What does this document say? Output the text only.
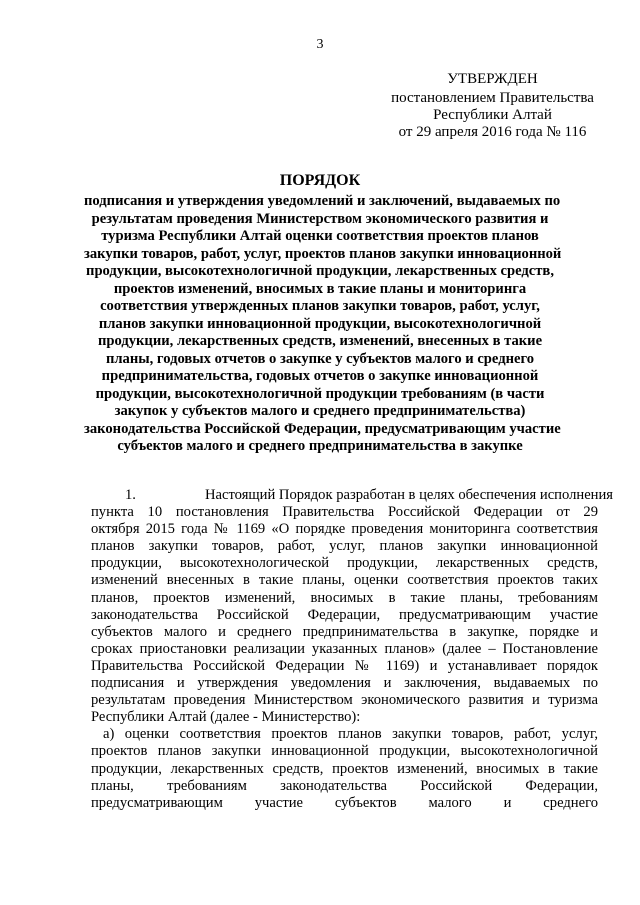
3
УТВЕРЖДЕН
постановлением Правительства
Республики Алтай
от 29 апреля 2016 года № 116
ПОРЯДОК
подписания и утверждения уведомлений и заключений, выдаваемых по
результатам проведения Министерством экономического развития и
туризма Республики Алтай оценки соответствия проектов планов
закупки товаров, работ, услуг, проектов планов закупки инновационной
продукции, высокотехнологичной продукции, лекарственных средств,
проектов изменений, вносимых в такие планы и мониторинга
соответствия утвержденных планов закупки товаров, работ, услуг,
планов закупки инновационной продукции, высокотехнологичной
продукции, лекарственных средств, изменений, внесенных в такие
планы, годовых отчетов о закупке у субъектов малого и среднего
предпринимательства, годовых отчетов о закупке инновационной
продукции, высокотехнологичной продукции требованиям (в части
закупок у субъектов малого и среднего предпринимательства)
законодательства Российской Федерации, предусматривающим участие
субъектов малого и среднего предпринимательства в закупке
1.	Настоящий Порядок разработан в целях обеспечения исполнения
пункта 10 постановления Правительства Российской Федерации от 29
октября 2015 года № 1169 «О порядке проведения мониторинга соответствия
планов закупки товаров, работ, услуг, планов закупки инновационной
продукции, высокотехнологической продукции, лекарственных средств,
изменений внесенных в такие планы, оценки соответствия проектов таких
планов, проектов изменений, вносимых в такие планы, требованиям
законодательства Российской Федерации, предусматривающим участие
субъектов малого и среднего предпринимательства в закупке, порядке и
сроках приостановки реализации указанных планов» (далее – Постановление
Правительства Российской Федерации № 1169) и устанавливает порядок
подписания и утверждения уведомления и заключения, выдаваемых по
результатам проведения Министерством экономического развития и туризма
Республики Алтай (далее - Министерство):
а) оценки соответствия проектов планов закупки товаров, работ, услуг,
проектов планов закупки инновационной продукции, высокотехнологичной
продукции, лекарственных средств, проектов изменений, вносимых в такие
планы, требованиям законодательства Российской Федерации,
предусматривающим участие субъектов малого и среднего
